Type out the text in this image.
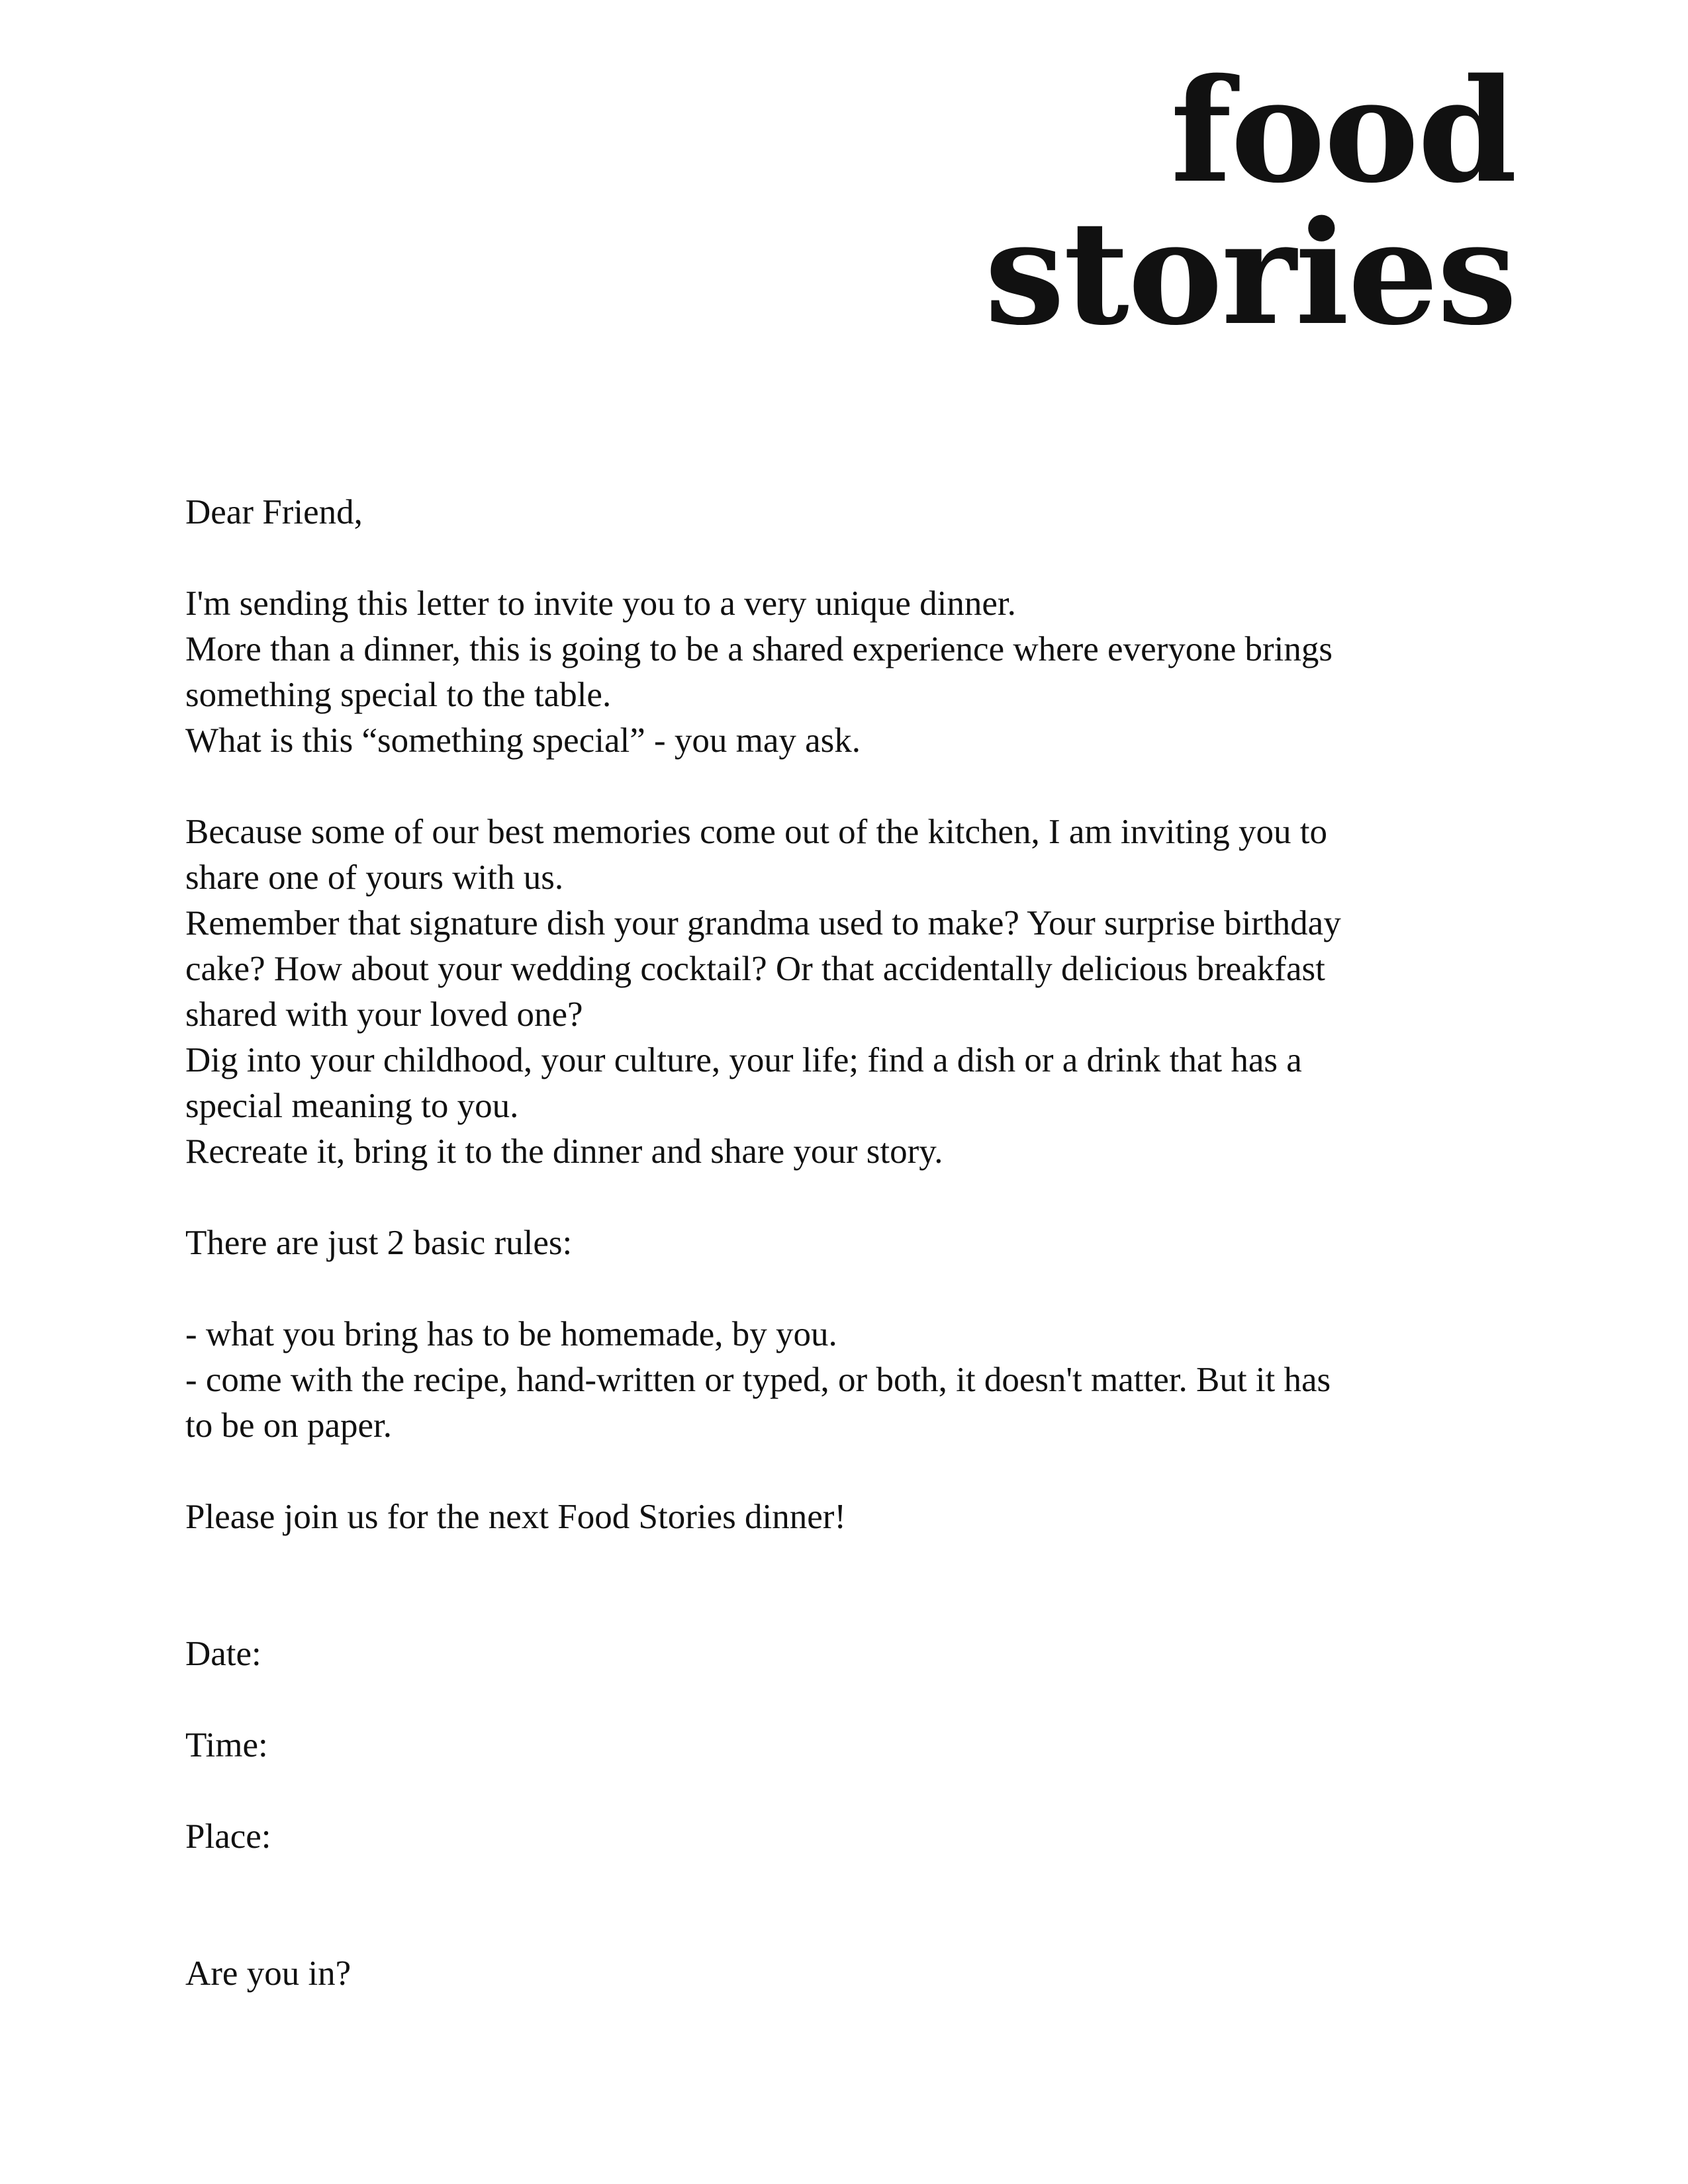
food
stories
Dear Friend,
I'm sending this letter to invite you to a very unique dinner.
More than a dinner, this is going to be a shared experience where everyone brings
something special to the table.
What is this “something special” - you may ask.
Because some of our best memories come out of the kitchen, I am inviting you to
share one of yours with us.
Remember that signature dish your grandma used to make? Your surprise birthday
cake? How about your wedding cocktail? Or that accidentally delicious breakfast
shared with your loved one?
Dig into your childhood, your culture, your life; find a dish or a drink that has a
special meaning to you.
Recreate it, bring it to the dinner and share your story.
There are just 2 basic rules:
- what you bring has to be homemade, by you.
- come with the recipe, hand-written or typed, or both, it doesn't matter. But it has
to be on paper.
Please join us for the next Food Stories dinner!
Date:
Time:
Place:
Are you in?
